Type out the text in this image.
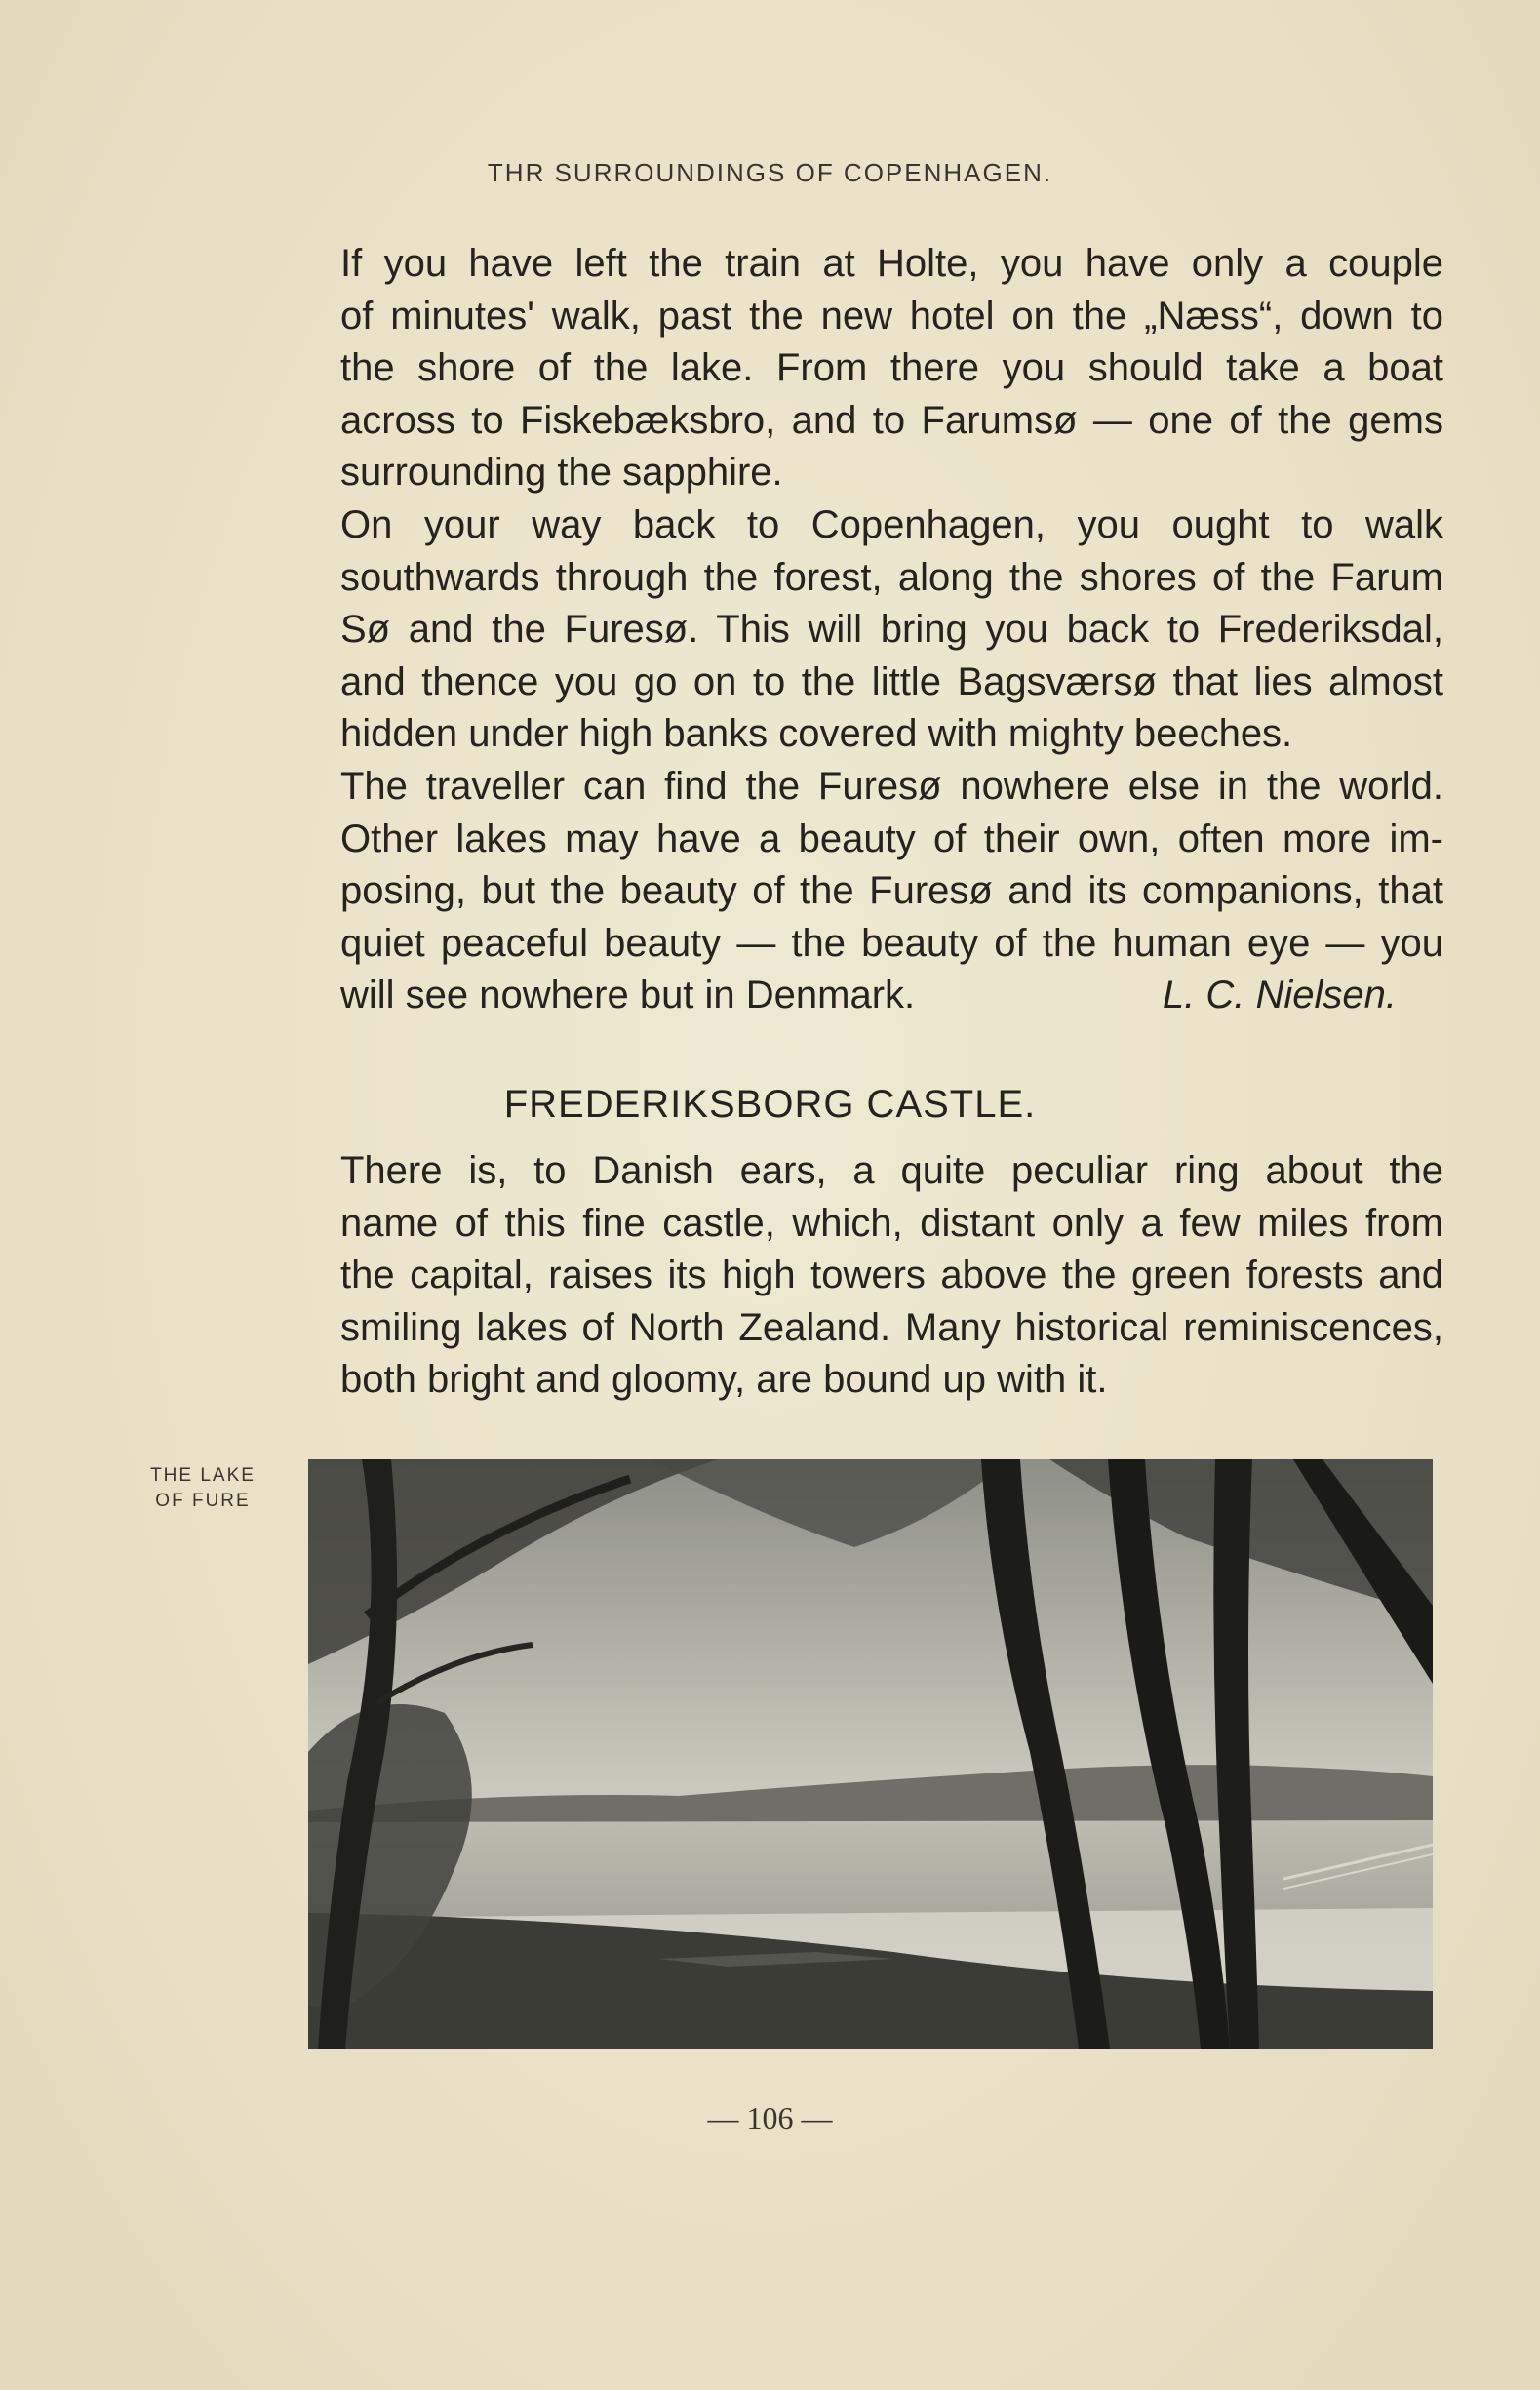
THR SURROUNDINGS OF COPENHAGEN.

If you have left the train at Holte, you have only a couple
of minutes' walk, past the new hotel on the „Næss“, down to
the shore of the lake. From there you should take a boat
across to Fiskebæksbro, and to Farumsø — one of the gems
surrounding the sapphire.

On your way back to Copenhagen, you ought to walk
southwards through the forest, along the shores of the Farum
Sø and the Furesø. This will bring you back to Frederiksdal,
and thence you go on to the little Bagsværsø that lies almost
hidden under high banks covered with mighty beeches.

The traveller can find the Furesø nowhere else in the world.
Other lakes may have a beauty of their own, often more im-
posing, but the beauty of the Furesø and its companions, that
quiet peaceful beauty — the beauty of the human eye — you
will see nowhere but in Denmark.	L. C. Nielsen.

FREDERIKSBORG CASTLE.

There is, to Danish ears, a quite peculiar ring about the
name of this fine castle, which, distant only a few miles from
the capital, raises its high towers above the green forests and
smiling lakes of North Zealand. Many historical reminiscences,
both bright and gloomy, are bound up with it.

THE LAKE
OF FURE
— 106 —
